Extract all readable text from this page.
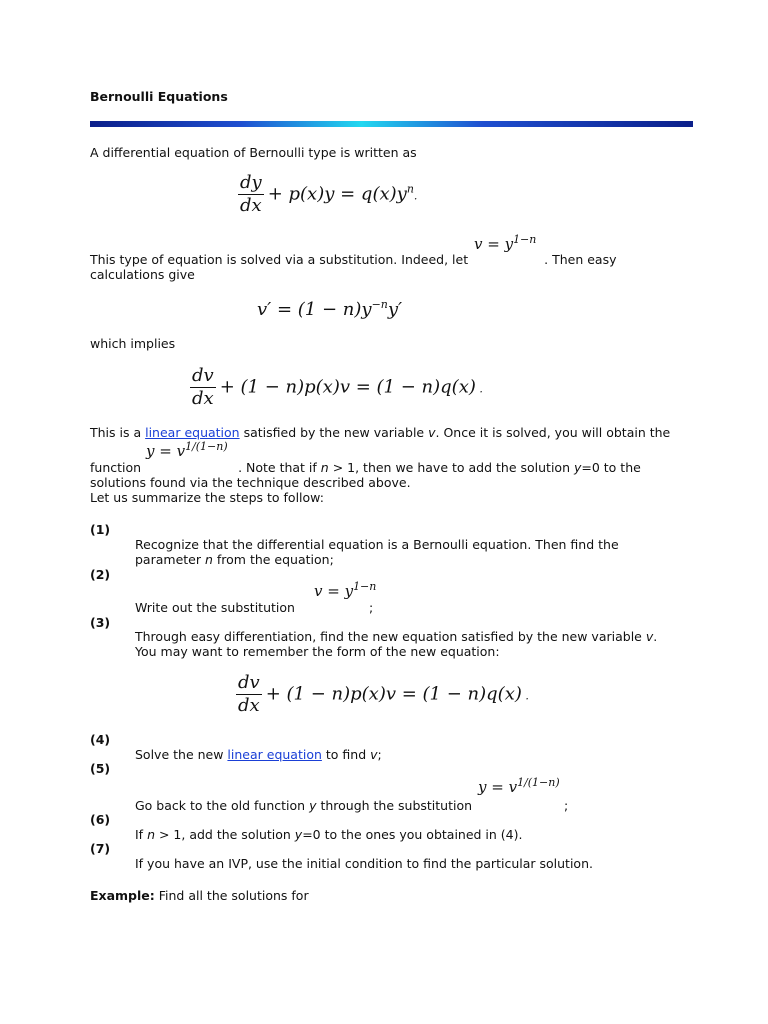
Bernoulli Equations
A differential equation of Bernoulli type is written as
$\frac{dy}{dx} + p(x)y = q(x)y^n$.
$v = y^{1-n}$
This type of equation is solved via a substitution. Indeed, let	. Then easy
calculations give
$v' = (1 - n)y^{-n}y'$
which implies
$\frac{dv}{dx} + (1 - n)p(x)v = (1 - n)q(x)$ .
This is a linear equation satisfied by the new variable v. Once it is solved, you will obtain the
$y = v^{1/(1-n)}$
function	. Note that if n > 1, then we have to add the solution y=0 to the
solutions found via the technique described above.
Let us summarize the steps to follow:
(1)
Recognize that the differential equation is a Bernoulli equation. Then find the
parameter n from the equation;
(2)
$v = y^{1-n}$
Write out the substitution	;
(3)
Through easy differentiation, find the new equation satisfied by the new variable v.
You may want to remember the form of the new equation:
$\frac{dv}{dx} + (1 - n)p(x)v = (1 - n)q(x)$ .
(4)
Solve the new linear equation to find v;
(5)
$y = v^{1/(1-n)}$
Go back to the old function y through the substitution	;
(6)
If n > 1, add the solution y=0 to the ones you obtained in (4).
(7)
If you have an IVP, use the initial condition to find the particular solution.
Example: Find all the solutions for
